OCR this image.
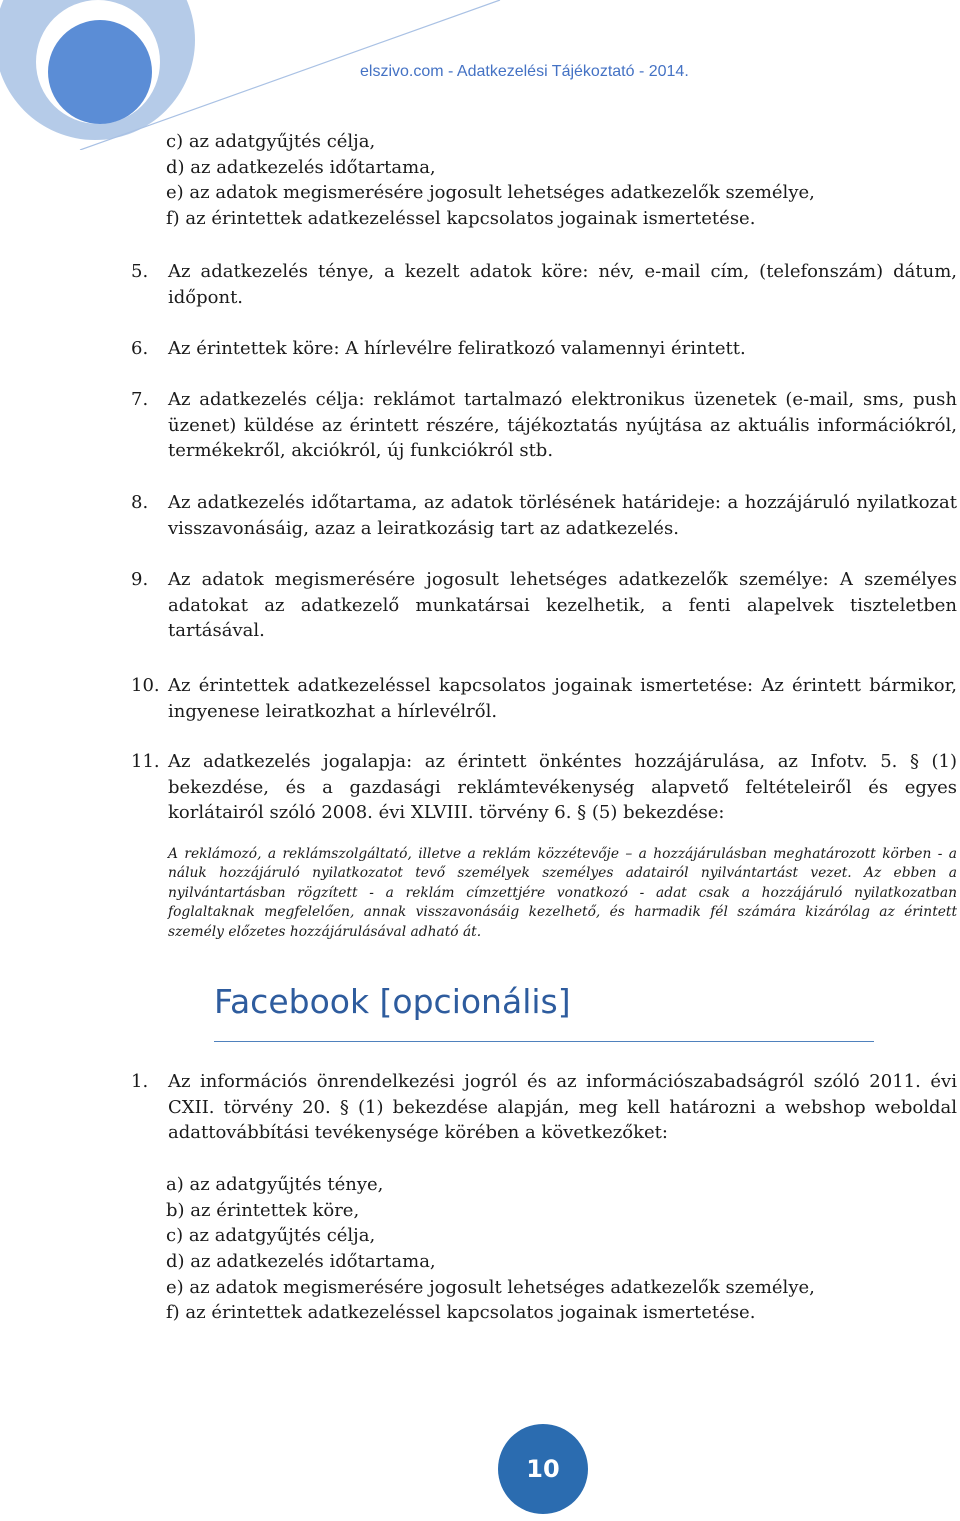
elszivo.com - Adatkezelési Tájékoztató - 2014.
c) az adatgyűjtés célja,
d) az adatkezelés időtartama,
e) az adatok megismerésére jogosult lehetséges adatkezelők személye,
f) az érintettek adatkezeléssel kapcsolatos jogainak ismertetése.
5. Az adatkezelés ténye, a kezelt adatok köre: név, e-mail cím, (telefonszám) dátum, időpont.
6. Az érintettek köre: A hírlevélre feliratkozó valamennyi érintett.
7. Az adatkezelés célja: reklámot tartalmazó elektronikus üzenetek (e-mail, sms, push üzenet) küldése az érintett részére, tájékoztatás nyújtása az aktuális információkról, termékekről, akciókról, új funkciókról stb.
8. Az adatkezelés időtartama, az adatok törlésének határideje: a hozzájáruló nyilatkozat visszavonásáig, azaz a leiratkozásig tart az adatkezelés.
9. Az adatok megismerésére jogosult lehetséges adatkezelők személye: A személyes adatokat az adatkezelő munkatársai kezelhetik, a fenti alapelvek tiszteletben tartásával.
10. Az érintettek adatkezeléssel kapcsolatos jogainak ismertetése: Az érintett bármikor, ingyenese leiratkozhat a hírlevélről.
11. Az adatkezelés jogalapja: az érintett önkéntes hozzájárulása, az Infotv. 5. § (1) bekezdése, és a gazdasági reklámtevékenység alapvető feltételeiről és egyes korlátairól szóló 2008. évi XLVIII. törvény 6. § (5) bekezdése:
A reklámozó, a reklámszolgáltató, illetve a reklám közzétevője – a hozzájárulásban meghatározott körben - a náluk hozzájáruló nyilatkozatot tevő személyek személyes adatairól nyilvántartást vezet. Az ebben a nyilvántartásban rögzített - a reklám címzettjére vonatkozó - adat csak a hozzájáruló nyilatkozatban foglaltaknak megfelelően, annak visszavonásáig kezelhető, és harmadik fél számára kizárólag az érintett személy előzetes hozzájárulásával adható át.
Facebook [opcionális]
1. Az információs önrendelkezési jogról és az információszabadságról szóló 2011. évi CXII. törvény 20. § (1) bekezdése alapján, meg kell határozni a webshop weboldal adattovábbítási tevékenysége körében a következőket:
a) az adatgyűjtés ténye,
b) az érintettek köre,
c) az adatgyűjtés célja,
d) az adatkezelés időtartama,
e) az adatok megismerésére jogosult lehetséges adatkezelők személye,
f) az érintettek adatkezeléssel kapcsolatos jogainak ismertetése.
10
